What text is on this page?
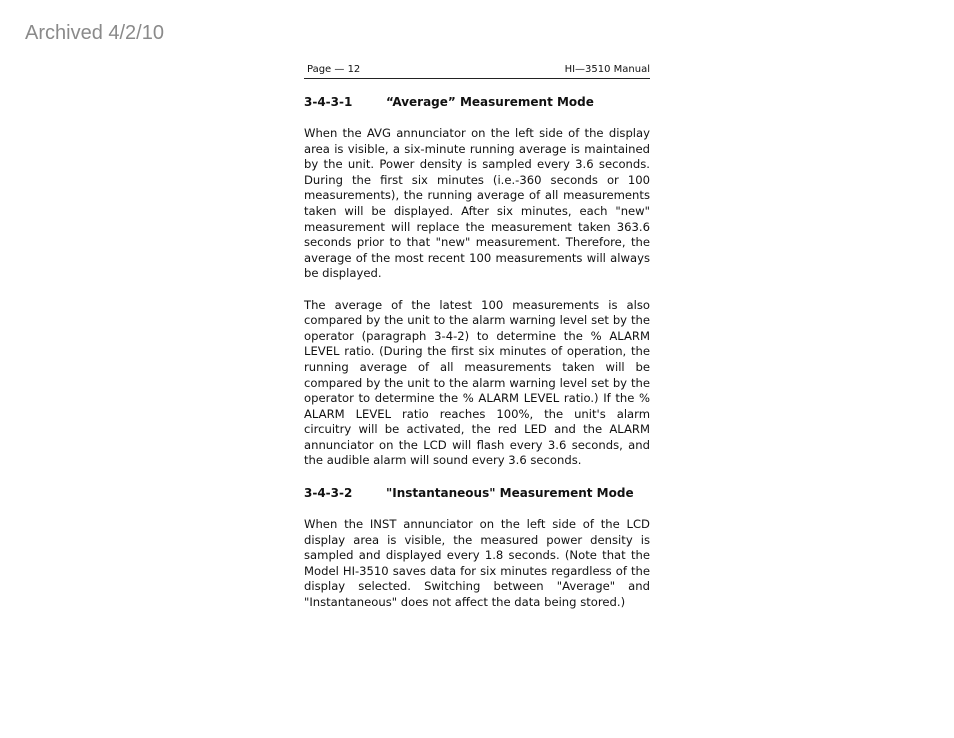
Archived 4/2/10
Page — 12	HI—3510 Manual
3-4-3-1	“Average” Measurement Mode

When the AVG annunciator on the left side of the display area is visible, a six-minute running average is maintained by the unit. Power density is sampled every 3.6 seconds. During the first six minutes (i.e.-360 seconds or 100 measurements), the running average of all measurements taken will be displayed. After six minutes, each "new" measurement will replace the measurement taken 363.6 seconds prior to that "new" measurement. Therefore, the average of the most recent 100 measurements will always be displayed.

The average of the latest 100 measurements is also compared by the unit to the alarm warning level set by the operator (paragraph 3-4-2) to determine the % ALARM LEVEL ratio. (During the first six minutes of operation, the running average of all measurements taken will be compared by the unit to the alarm warning level set by the operator to determine the % ALARM LEVEL ratio.) If the % ALARM LEVEL ratio reaches 100%, the unit's alarm circuitry will be activated, the red LED and the ALARM annunciator on the LCD will flash every 3.6 seconds, and the audible alarm will sound every 3.6 seconds.

3-4-3-2	"Instantaneous" Measurement Mode

When the INST annunciator on the left side of the LCD display area is visible, the measured power density is sampled and displayed every 1.8 seconds. (Note that the Model HI-3510 saves data for six minutes regardless of the display selected. Switching between "Average" and "Instantaneous" does not affect the data being stored.)
